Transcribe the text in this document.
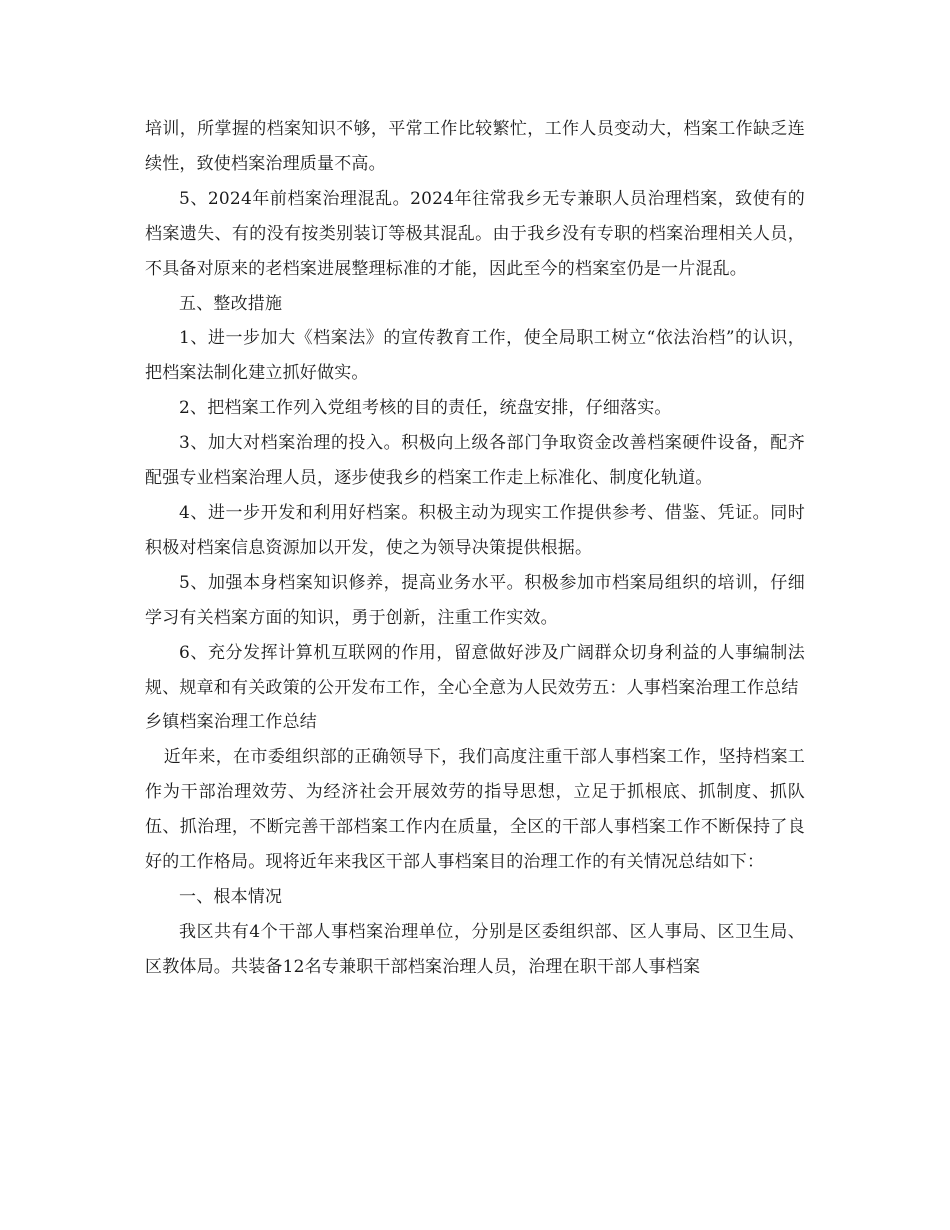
培训，所掌握的档案知识不够，平常工作比较繁忙，工作人员变动大，档案工作缺乏连续性，致使档案治理质量不高。

5、2024年前档案治理混乱。2024年往常我乡无专兼职人员治理档案，致使有的档案遗失、有的没有按类别装订等极其混乱。由于我乡没有专职的档案治理相关人员，不具备对原来的老档案进展整理标准的才能，因此至今的档案室仍是一片混乱。

五、整改措施

1、进一步加大《档案法》的宣传教育工作，使全局职工树立“依法治档”的认识，把档案法制化建立抓好做实。

2、把档案工作列入党组考核的目的责任，统盘安排，仔细落实。

3、加大对档案治理的投入。积极向上级各部门争取资金改善档案硬件设备，配齐配强专业档案治理人员，逐步使我乡的档案工作走上标准化、制度化轨道。

4、进一步开发和利用好档案。积极主动为现实工作提供参考、借鉴、凭证。同时积极对档案信息资源加以开发，使之为领导决策提供根据。

5、加强本身档案知识修养，提高业务水平。积极参加市档案局组织的培训，仔细学习有关档案方面的知识，勇于创新，注重工作实效。

6、充分发挥计算机互联网的作用，留意做好涉及广阔群众切身利益的人事编制法规、规章和有关政策的公开发布工作，全心全意为人民效劳五：人事档案治理工作总结

乡镇档案治理工作总结

近年来，在市委组织部的正确领导下，我们高度注重干部人事档案工作，坚持档案工作为干部治理效劳、为经济社会开展效劳的指导思想，立足于抓根底、抓制度、抓队伍、抓治理，不断完善干部档案工作内在质量，全区的干部人事档案工作不断保持了良好的工作格局。现将近年来我区干部人事档案目的治理工作的有关情况总结如下：

一、根本情况

我区共有4个干部人事档案治理单位，分别是区委组织部、区人事局、区卫生局、区教体局。共装备12名专兼职干部档案治理人员，治理在职干部人事档案
